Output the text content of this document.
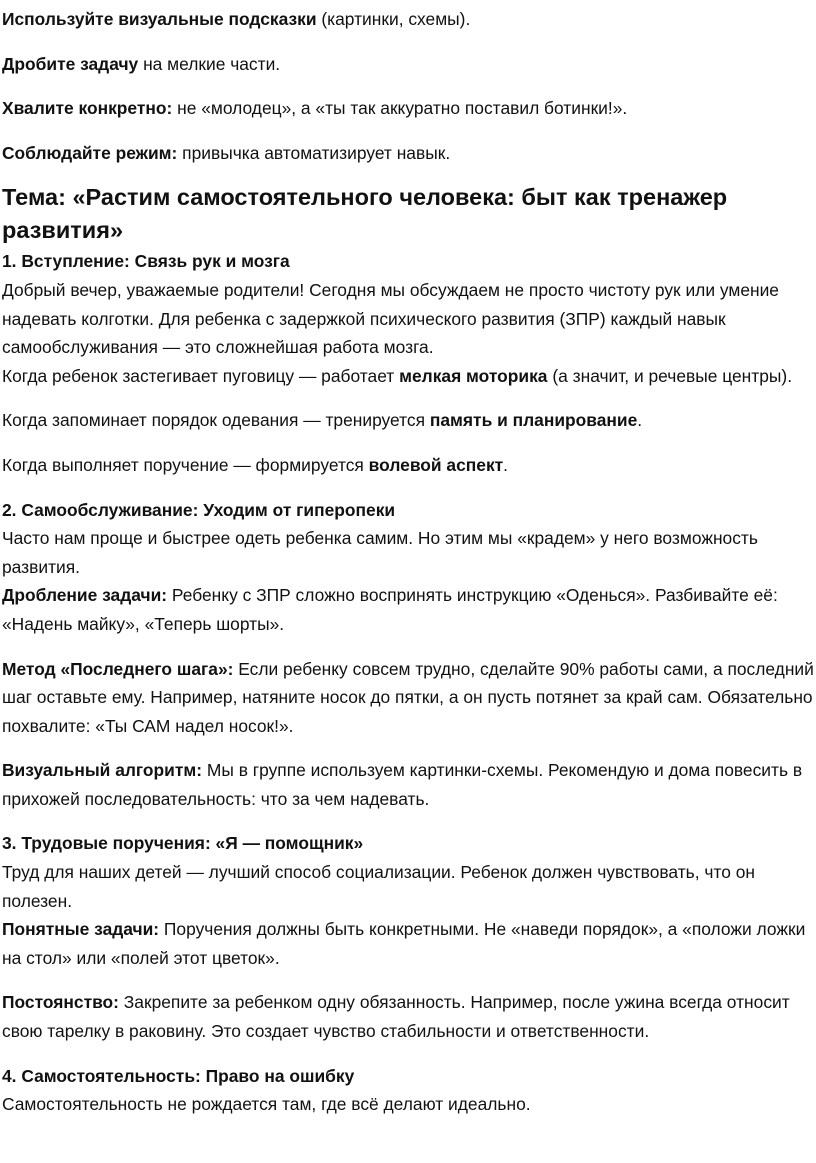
Используйте визуальные подсказки (картинки, схемы).

Дробите задачу на мелкие части.

Хвалите конкретно: не «молодец», а «ты так аккуратно поставил ботинки!».

Соблюдайте режим: привычка автоматизирует навык.

Тема: «Растим самостоятельного человека: быт как тренажер развития»
1. Вступление: Связь рук и мозга

Добрый вечер, уважаемые родители! Сегодня мы обсуждаем не просто чистоту рук или умение надевать колготки. Для ребенка с задержкой психического развития (ЗПР) каждый навык самообслуживания — это сложнейшая работа мозга.

Когда ребенок застегивает пуговицу — работает мелкая моторика (а значит, и речевые центры).

Когда запоминает порядок одевания — тренируется память и планирование.

Когда выполняет поручение — формируется волевой аспект.

2. Самообслуживание: Уходим от гиперопеки

Часто нам проще и быстрее одеть ребенка самим. Но этим мы «крадем» у него возможность развития.

Дробление задачи: Ребенку с ЗПР сложно воспринять инструкцию «Оденься». Разбивайте её: «Надень майку», «Теперь шорты».

Метод «Последнего шага»: Если ребенку совсем трудно, сделайте 90% работы сами, а последний шаг оставьте ему. Например, натяните носок до пятки, а он пусть потянет за край сам. Обязательно похвалите: «Ты САМ надел носок!».

Визуальный алгоритм: Мы в группе используем картинки-схемы. Рекомендую и дома повесить в прихожей последовательность: что за чем надевать.

3. Трудовые поручения: «Я — помощник»

Труд для наших детей — лучший способ социализации. Ребенок должен чувствовать, что он полезен.

Понятные задачи: Поручения должны быть конкретными. Не «наведи порядок», а «положи ложки на стол» или «полей этот цветок».

Постоянство: Закрепите за ребенком одну обязанность. Например, после ужина всегда относит свою тарелку в раковину. Это создает чувство стабильности и ответственности.

4. Самостоятельность: Право на ошибку

Самостоятельность не рождается там, где всё делают идеально.
